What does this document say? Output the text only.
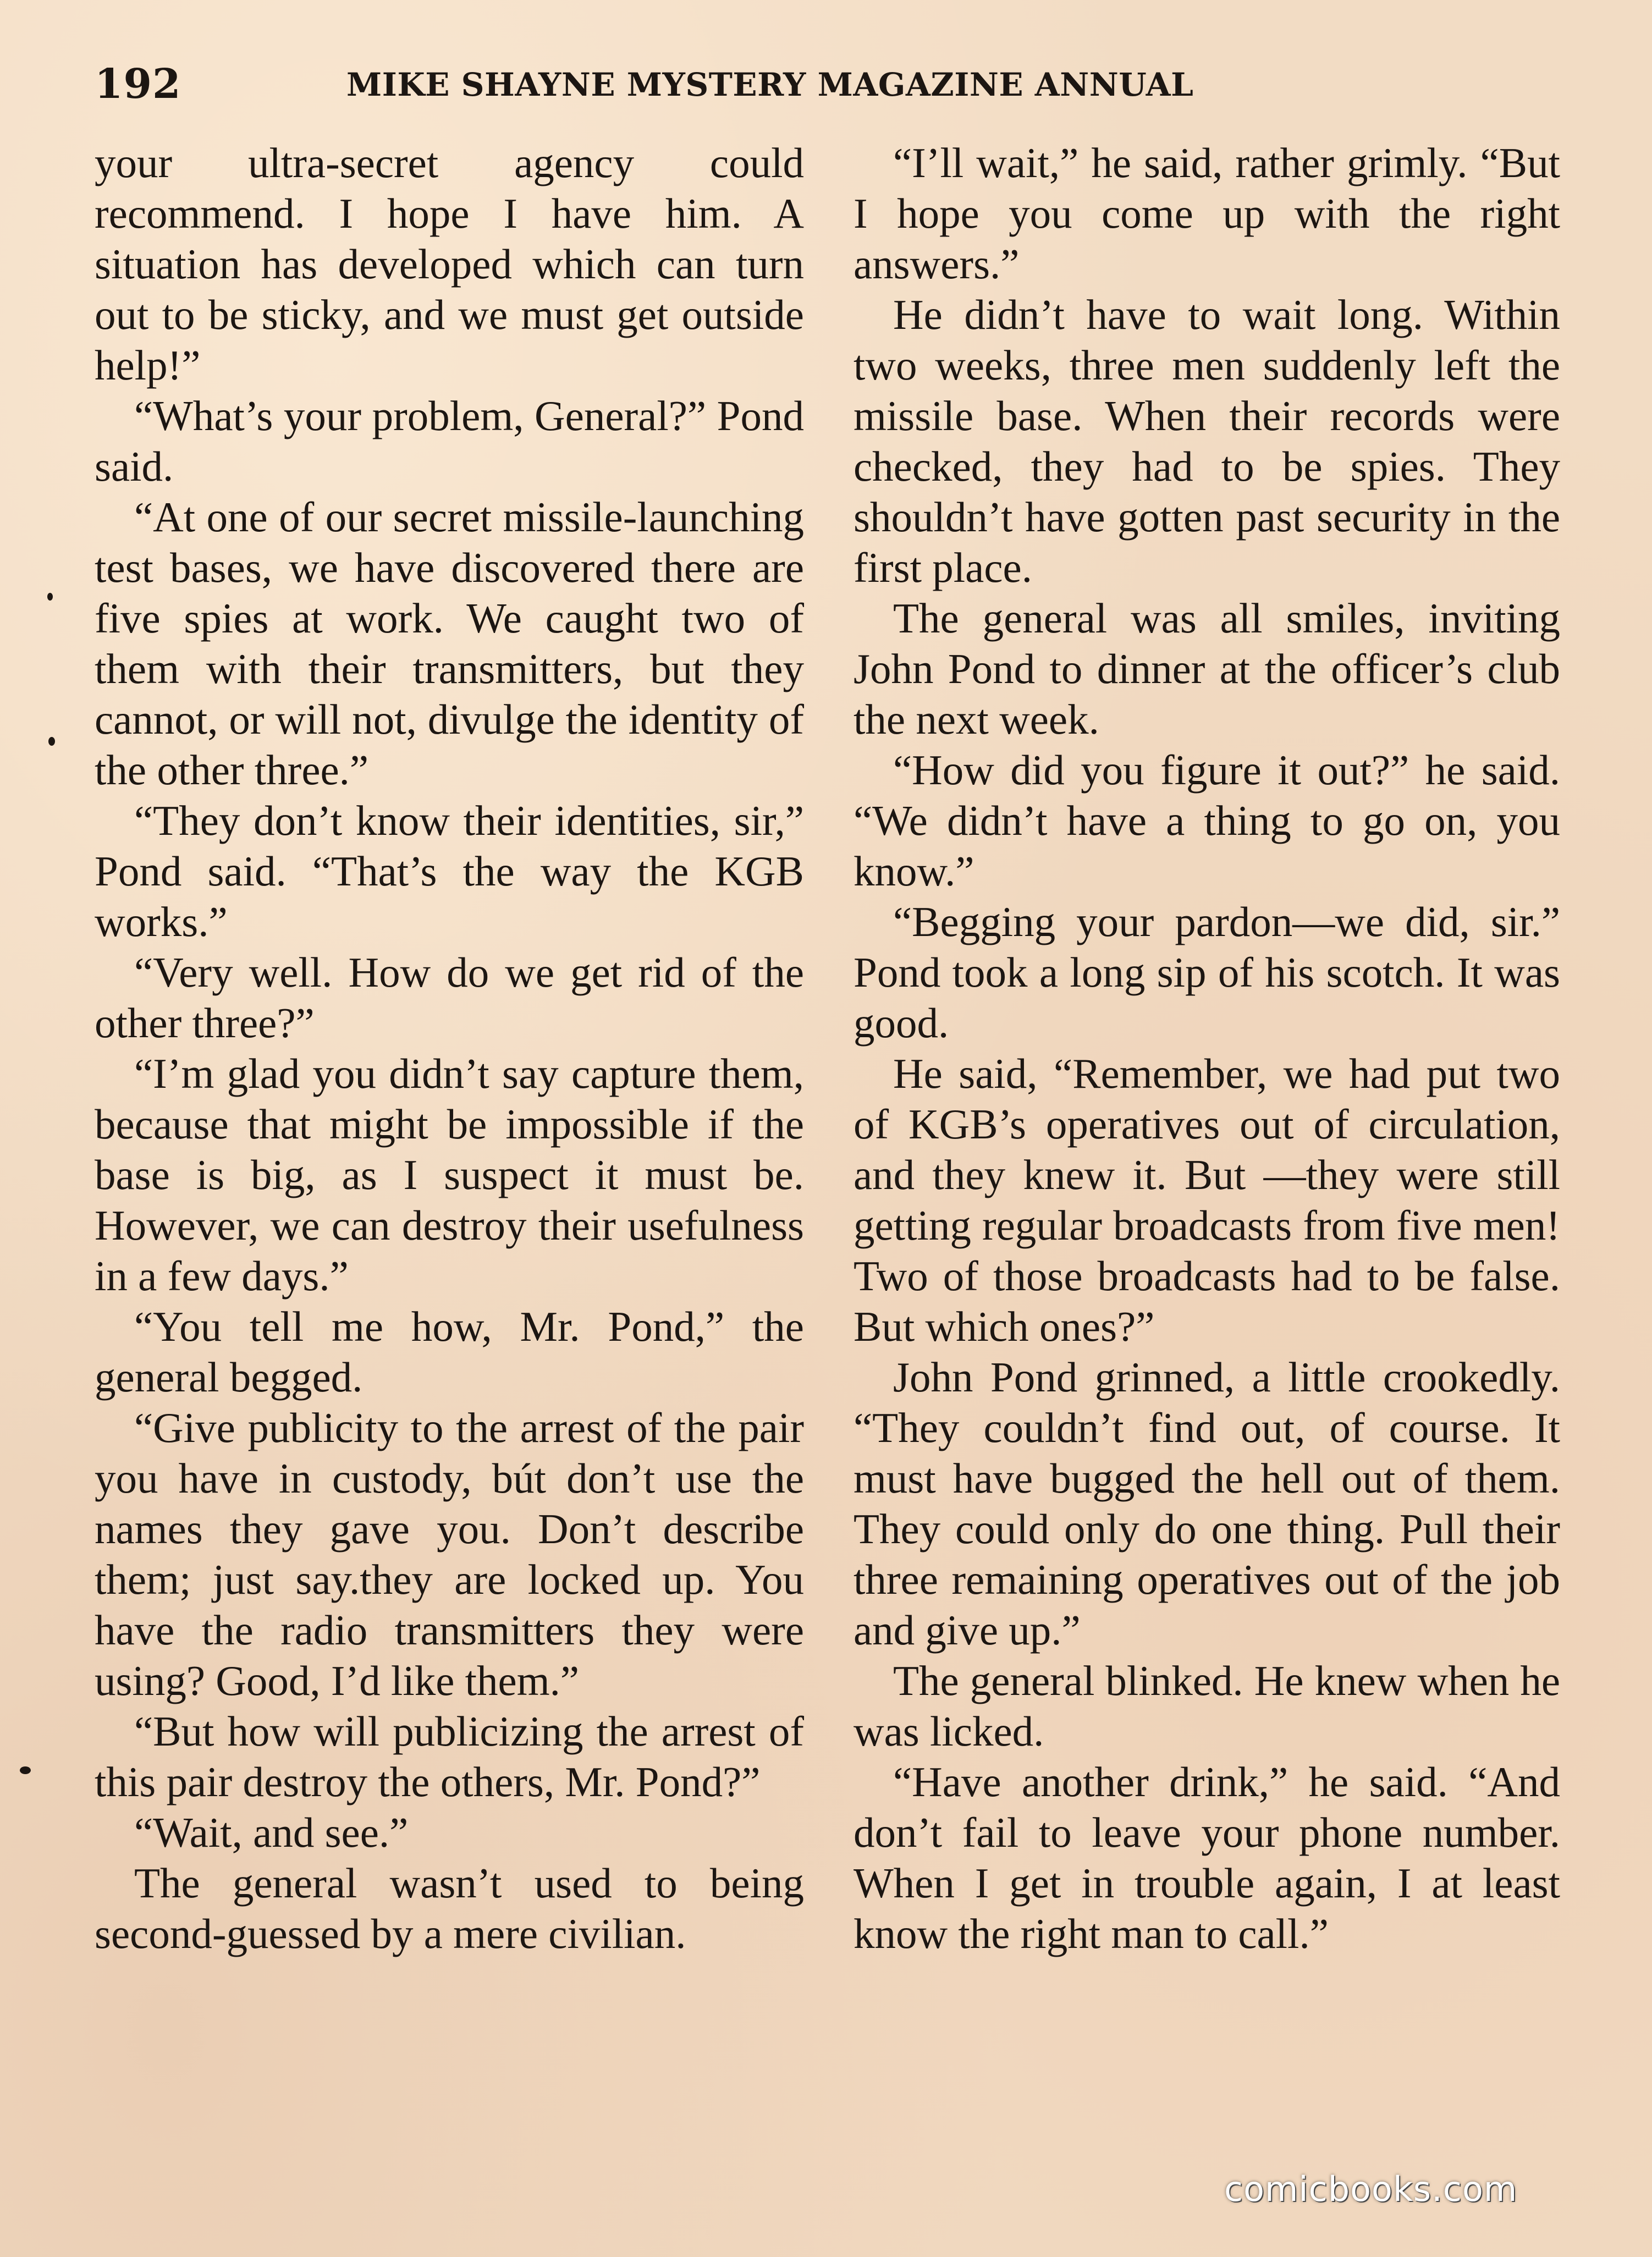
192	MIKE SHAYNE MYSTERY MAGAZINE ANNUAL

your ultra-secret agency could recommend. I hope I have him. A situation has developed which can turn out to be sticky, and we must get outside help!”

“What’s your problem, General?” Pond said.

“At one of our secret missile-launching test bases, we have discovered there are five spies at work. We caught two of them with their transmitters, but they cannot, or will not, divulge the identity of the other three.”

“They don’t know their identities, sir,” Pond said. “That’s the way the KGB works.”

“Very well. How do we get rid of the other three?”

“I’m glad you didn’t say capture them, because that might be impossible if the base is big, as I suspect it must be. However, we can destroy their usefulness in a few days.”

“You tell me how, Mr. Pond,” the general begged.

“Give publicity to the arrest of the pair you have in custody, bút don’t use the names they gave you. Don’t describe them; just say.they are locked up. You have the radio transmitters they were using? Good, I’d like them.”

“But how will publicizing the arrest of this pair destroy the others, Mr. Pond?”

“Wait, and see.”

The general wasn’t used to being second-guessed by a mere civilian.

“I’ll wait,” he said, rather grimly. “But I hope you come up with the right answers.”

He didn’t have to wait long. Within two weeks, three men suddenly left the missile base. When their records were checked, they had to be spies. They shouldn’t have gotten past security in the first place.

The general was all smiles, inviting John Pond to dinner at the officer’s club the next week.

“How did you figure it out?” he said. “We didn’t have a thing to go on, you know.”

“Begging your pardon—we did, sir.” Pond took a long sip of his scotch. It was good.

He said, “Remember, we had put two of KGB’s operatives out of circulation, and they knew it. But —they were still getting regular broadcasts from five men! Two of those broadcasts had to be false. But which ones?”

John Pond grinned, a little crookedly. “They couldn’t find out, of course. It must have bugged the hell out of them. They could only do one thing. Pull their three remaining operatives out of the job and give up.”

The general blinked. He knew when he was licked.

“Have another drink,” he said. “And don’t fail to leave your phone number. When I get in trouble again, I at least know the right man to call.”

comicbooks.com
